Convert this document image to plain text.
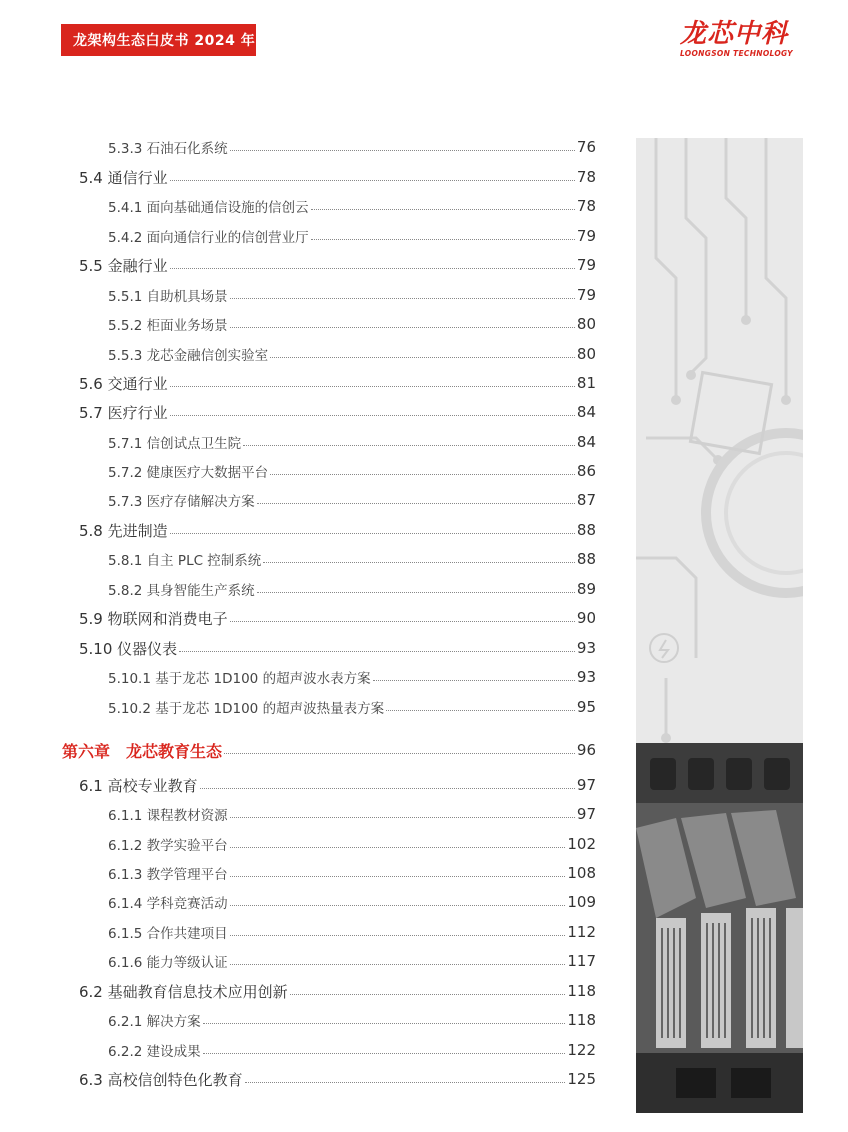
龙架构生态白皮书 2024 年	龙芯中科
LOONGSON TECHNOLOGY
5.3.3 石油石化系统	76
5.4 通信行业	78
5.4.1 面向基础通信设施的信创云	78
5.4.2 面向通信行业的信创营业厅	79
5.5 金融行业	79
5.5.1 自助机具场景	79
5.5.2 柜面业务场景	80
5.5.3 龙芯金融信创实验室	80
5.6 交通行业	81
5.7 医疗行业	84
5.7.1 信创试点卫生院	84
5.7.2 健康医疗大数据平台	86
5.7.3 医疗存储解决方案	87
5.8 先进制造	88
5.8.1 自主 PLC 控制系统	88
5.8.2 具身智能生产系统	89
5.9 物联网和消费电子	90
5.10 仪器仪表	93
5.10.1 基于龙芯 1D100 的超声波水表方案	93
5.10.2 基于龙芯 1D100 的超声波热量表方案	95
第六章　龙芯教育生态	96
6.1 高校专业教育	97
6.1.1 课程教材资源	97
6.1.2 教学实验平台	102
6.1.3 教学管理平台	108
6.1.4 学科竞赛活动	109
6.1.5 合作共建项目	112
6.1.6 能力等级认证	117
6.2 基础教育信息技术应用创新	118
6.2.1 解决方案	118
6.2.2 建设成果	122
6.3 高校信创特色化教育	125
